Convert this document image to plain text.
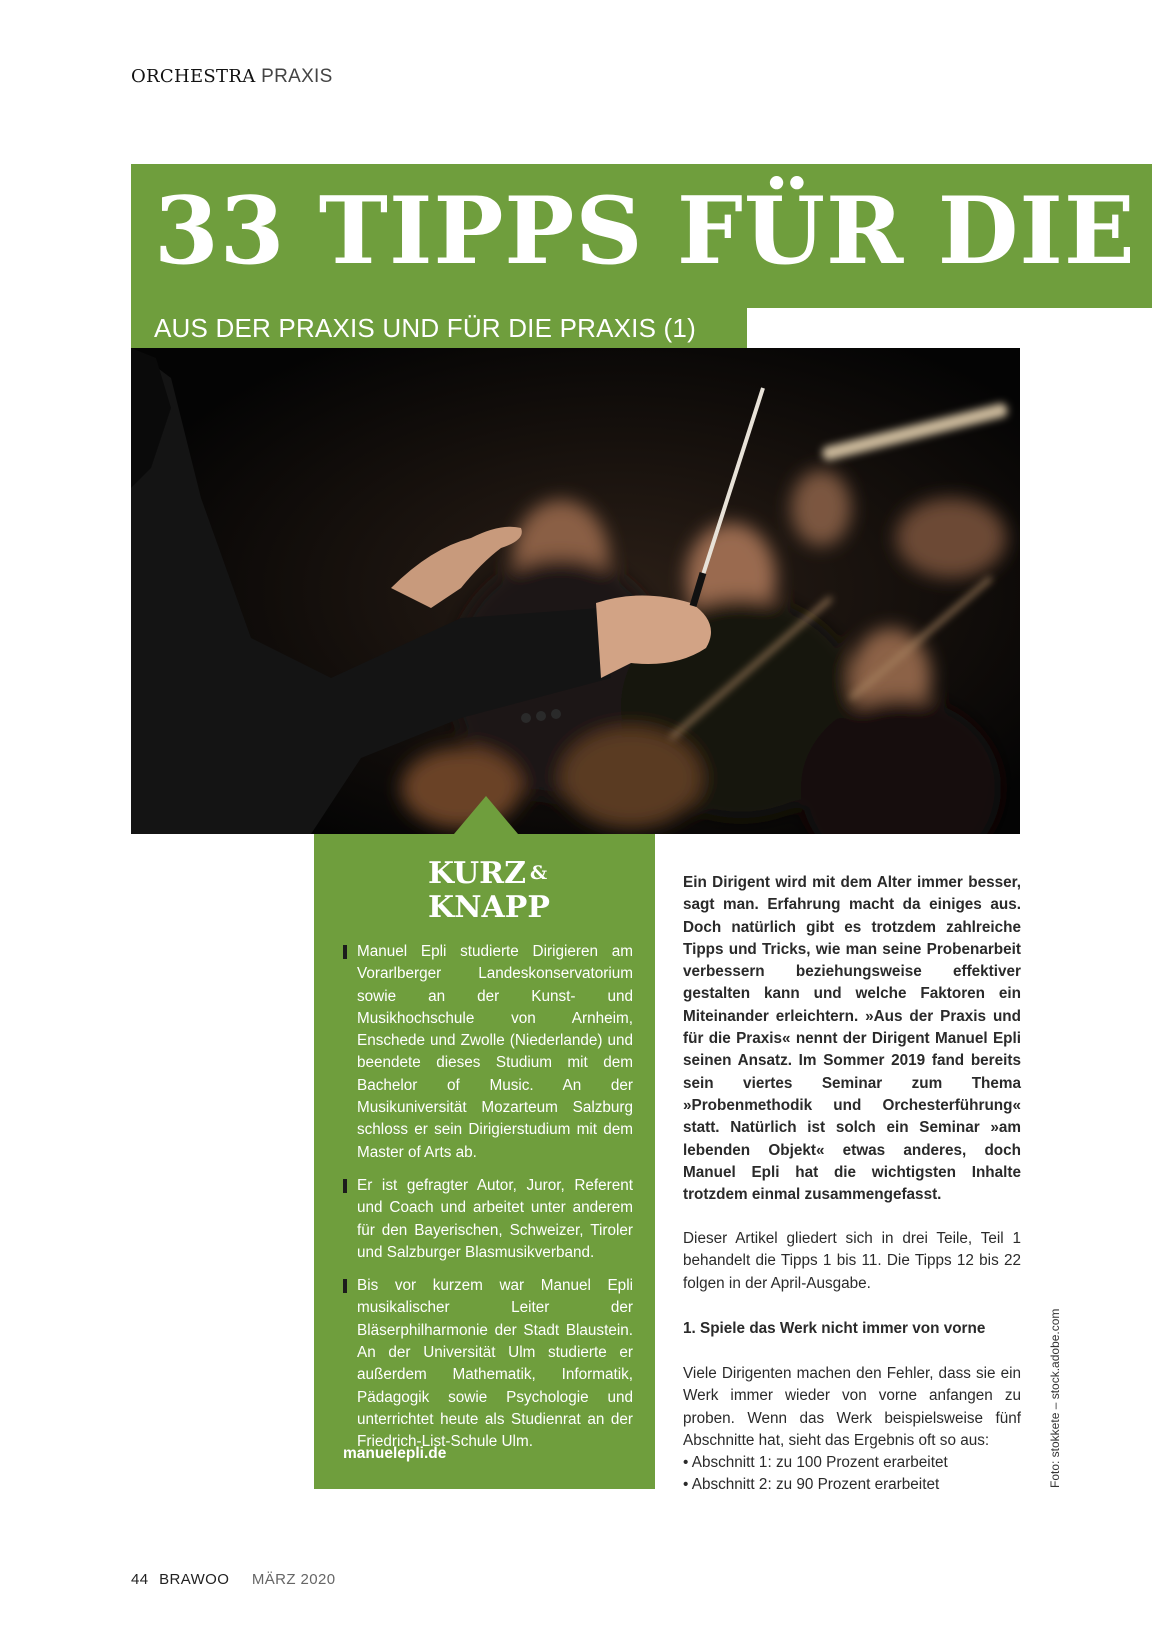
ORCHESTRA PRAXIS
33 TIPPS FÜR DIE
AUS DER PRAXIS UND FÜR DIE PRAXIS (1)
KURZ &
KNAPP
Manuel Epli studierte Dirigieren am Vorarlberger Landeskonservatorium sowie an der Kunst- und Musikhochschule von Arnheim, Enschede und Zwolle (Niederlande) und beendete dieses Studium mit dem Bachelor of Music. An der Musikuniversität Mozarteum Salzburg schloss er sein Dirigierstudium mit dem Master of Arts ab.
Er ist gefragter Autor, Juror, Referent und Coach und arbeitet unter anderem für den Bayerischen, Schweizer, Tiroler und Salzburger Blasmusikverband.
Bis vor kurzem war Manuel Epli musikalischer Leiter der Bläserphilharmonie der Stadt Blaustein. An der Universität Ulm studierte er außerdem Mathematik, Informatik, Pädagogik sowie Psychologie und unterrichtet heute als Studienrat an der Friedrich-List-Schule Ulm.
manuelepli.de

Ein Dirigent wird mit dem Alter immer besser, sagt man. Erfahrung macht da einiges aus. Doch natürlich gibt es trotzdem zahlreiche Tipps und Tricks, wie man seine Probenarbeit verbessern beziehungsweise effektiver gestalten kann und welche Faktoren ein Miteinander erleichtern. »Aus der Praxis und für die Praxis« nennt der Dirigent Manuel Epli seinen Ansatz. Im Sommer 2019 fand bereits sein viertes Seminar zum Thema »Probenmethodik und Orchesterführung« statt. Natürlich ist solch ein Seminar »am lebenden Objekt« etwas anderes, doch Manuel Epli hat die wichtigsten Inhalte trotzdem einmal zusammengefasst.

Dieser Artikel gliedert sich in drei Teile, Teil 1 behandelt die Tipps 1 bis 11. Die Tipps 12 bis 22 folgen in der April-Ausgabe.

1. Spiele das Werk nicht immer von vorne

Viele Dirigenten machen den Fehler, dass sie ein Werk immer wieder von vorne anfangen zu proben. Wenn das Werk beispielsweise fünf Abschnitte hat, sieht das Ergebnis oft so aus:

• Abschnitt 1: zu 100 Prozent erarbeitet
• Abschnitt 2: zu 90 Prozent erarbeitet	Foto: stokkete – stock.adobe.com
44 BRAWOO MÄRZ 2020
